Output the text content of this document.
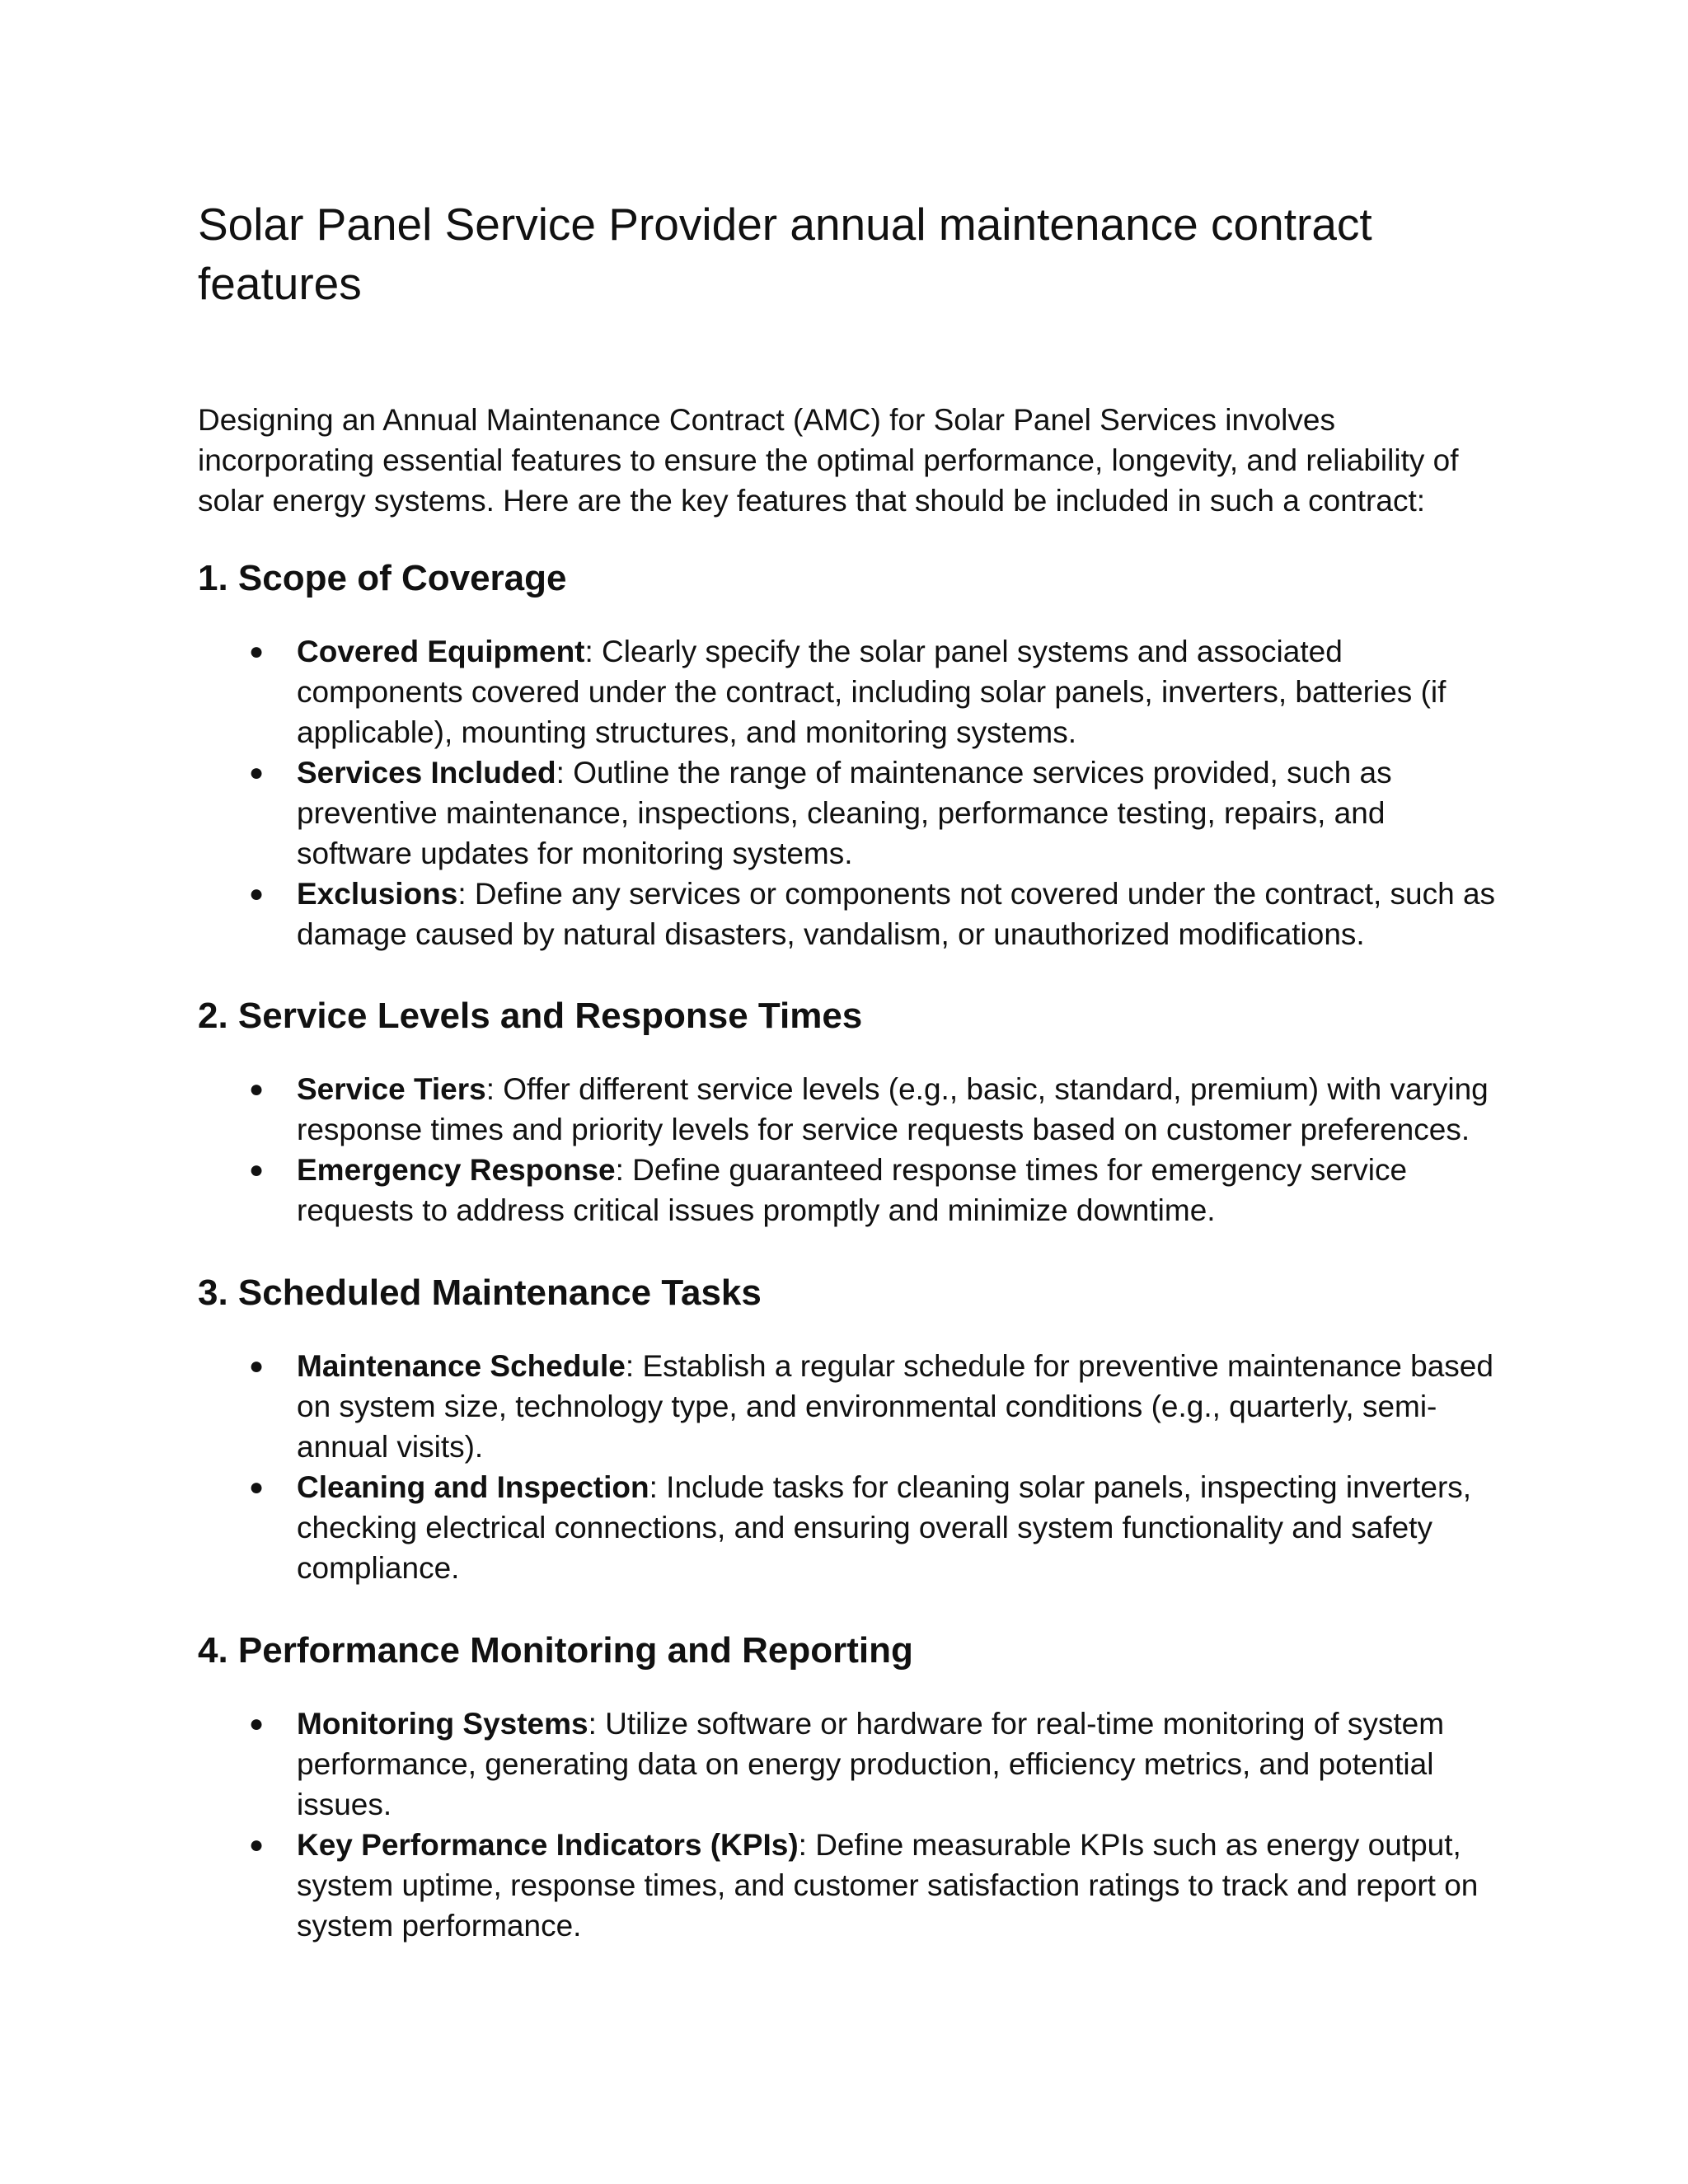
Solar Panel Service Provider annual maintenance contract features

Designing an Annual Maintenance Contract (AMC) for Solar Panel Services involves incorporating essential features to ensure the optimal performance, longevity, and reliability of solar energy systems. Here are the key features that should be included in such a contract:

1. Scope of Coverage
● Covered Equipment: Clearly specify the solar panel systems and associated components covered under the contract, including solar panels, inverters, batteries (if applicable), mounting structures, and monitoring systems.
● Services Included: Outline the range of maintenance services provided, such as preventive maintenance, inspections, cleaning, performance testing, repairs, and software updates for monitoring systems.
● Exclusions: Define any services or components not covered under the contract, such as damage caused by natural disasters, vandalism, or unauthorized modifications.
2. Service Levels and Response Times
● Service Tiers: Offer different service levels (e.g., basic, standard, premium) with varying response times and priority levels for service requests based on customer preferences.
● Emergency Response: Define guaranteed response times for emergency service requests to address critical issues promptly and minimize downtime.
3. Scheduled Maintenance Tasks
● Maintenance Schedule: Establish a regular schedule for preventive maintenance based on system size, technology type, and environmental conditions (e.g., quarterly, semi-annual visits).
● Cleaning and Inspection: Include tasks for cleaning solar panels, inspecting inverters, checking electrical connections, and ensuring overall system functionality and safety compliance.
4. Performance Monitoring and Reporting
● Monitoring Systems: Utilize software or hardware for real-time monitoring of system performance, generating data on energy production, efficiency metrics, and potential issues.
● Key Performance Indicators (KPIs): Define measurable KPIs such as energy output, system uptime, response times, and customer satisfaction ratings to track and report on system performance.
